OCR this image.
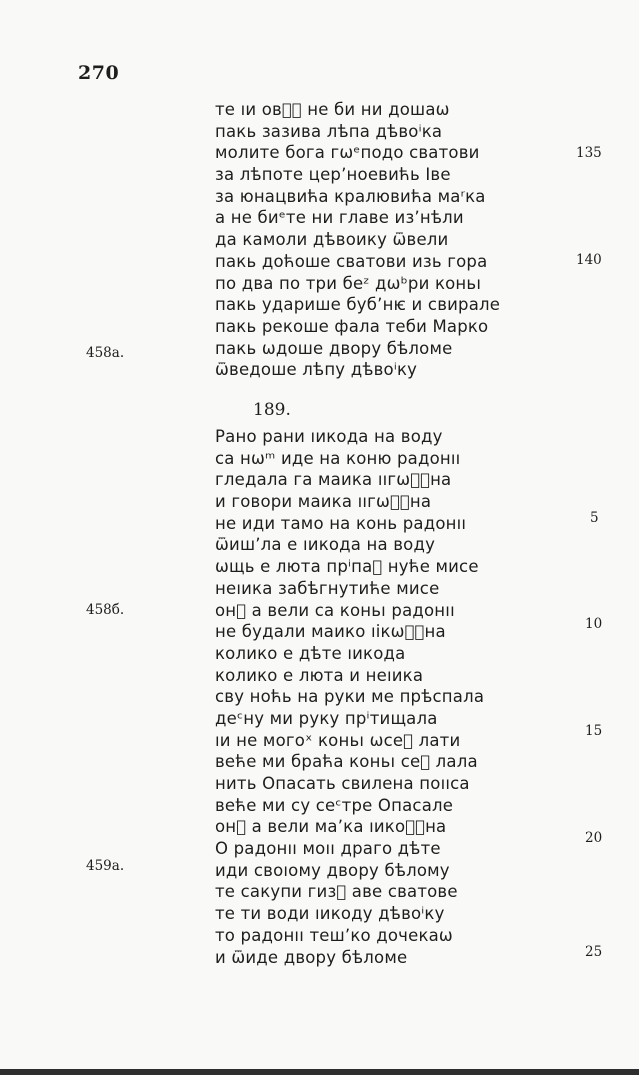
270
те ıи овᷞᷘ не би ни дошаѡ
пакь зазива лѣпа дѣвоⁱка
молите бога гѡᵉподо сватови
за лѣпоте церʼноевићь Іве
за юнацвића кралювића маʳка
а не биᵉте ни главе изʼнѣли
да камоли дѣвоику ѿвели
пакь доћоше сватови изь гора
по два по три беᶻ дѡᵇри коньı
пакь ударише бубʼнѥ и свирале
пакь рекоше фала теби Марко
пакь ѡдоше двору бѣломе
ѿведоше лѣпу дѣвоⁱку
189.
Рано рани ıикода на воду
са нѡᵐ иде на коню радонıı
гледала га маика ııгѡᷞᷘна
и говори маика ııгѡᷞᷘна
не иди тамо на конь радонıı
ѿишʼла е ıикода на воду
ѡщь е люта прⁱпаᷞ нуће мисе
неıика забѣгнутиће мисе
онᷞ а вели са коньı радонıı
не будали маико ıікѡᷞᷘна
колико е дѣте ıикода
колико е люта и неıика
сву ноћь на руки ме прѣспала
деᶜну ми руку прⁱтищала
ıи не могoˣ коньı ѡсеᷞ лати
веће ми браћа коньı сеᷞ лала
нить Опасать свилена поııса
веће ми су сеᶜтре Опасале
онᷞ а вели маʼка ıикоᷞᷘна
О радонıı моıı драго дѣте
иди своıому двору бѣлому
те сакупи гизᷞ аве сватове
те ти води ıикоду дѣвоⁱку
то радонıı тешʼко дочекаѡ
и ѿиде двору бѣломе
135
140
5
10
15
20
25
458a.
458б.
459a.
